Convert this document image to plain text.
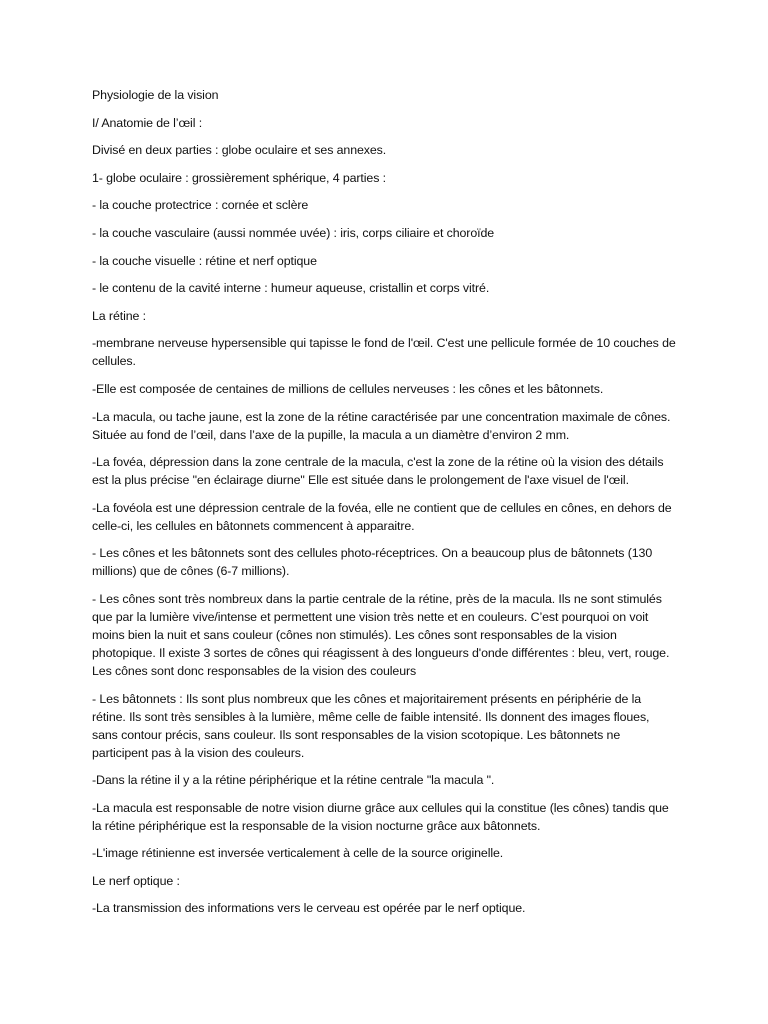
Physiologie de la vision

I/ Anatomie de l’œil :

Divisé en deux parties : globe oculaire et ses annexes.

1- globe oculaire : grossièrement sphérique, 4 parties :

- la couche protectrice : cornée et sclère

- la couche vasculaire (aussi nommée uvée) : iris, corps ciliaire et choroïde

- la couche visuelle : rétine et nerf optique

- le contenu de la cavité interne : humeur aqueuse, cristallin et corps vitré.

La rétine :

-membrane nerveuse hypersensible qui tapisse le fond de l'œil. C'est une pellicule formée de 10 couches de cellules.

-Elle est composée de centaines de millions de cellules nerveuses : les cônes et les bâtonnets.

-La macula, ou tache jaune, est la zone de la rétine caractérisée par une concentration maximale de cônes. Située au fond de l’œil, dans l’axe de la pupille, la macula a un diamètre d’environ 2 mm.

-La fovéa, dépression dans la zone centrale de la macula, c'est la zone de la rétine où la vision des détails est la plus précise "en éclairage diurne" Elle est située dans le prolongement de l'axe visuel de l'œil.

-La fovéola est une dépression centrale de la fovéa, elle ne contient que de cellules en cônes, en dehors de celle-ci, les cellules en bâtonnets commencent à apparaitre.

- Les cônes et les bâtonnets sont des cellules photo-réceptrices. On a beaucoup plus de bâtonnets (130 millions) que de cônes (6-7 millions).

- Les cônes sont très nombreux dans la partie centrale de la rétine, près de la macula. Ils ne sont stimulés que par la lumière vive/intense et permettent une vision très nette et en couleurs. C’est pourquoi on voit moins bien la nuit et sans couleur (cônes non stimulés). Les cônes sont responsables de la vision photopique. Il existe 3 sortes de cônes qui réagissent à des longueurs d'onde différentes : bleu, vert, rouge. Les cônes sont donc responsables de la vision des couleurs

- Les bâtonnets : Ils sont plus nombreux que les cônes et majoritairement présents en périphérie de la rétine. Ils sont très sensibles à la lumière, même celle de faible intensité. Ils donnent des images floues, sans contour précis, sans couleur. Ils sont responsables de la vision scotopique. Les bâtonnets ne participent pas à la vision des couleurs.

-Dans la rétine il y a la rétine périphérique et la rétine centrale "la macula ".

-La macula est responsable de notre vision diurne grâce aux cellules qui la constitue (les cônes) tandis que la rétine périphérique est la responsable de la vision nocturne grâce aux bâtonnets.

-L'image rétinienne est inversée verticalement à celle de la source originelle.

Le nerf optique :

-La transmission des informations vers le cerveau est opérée par le nerf optique.
